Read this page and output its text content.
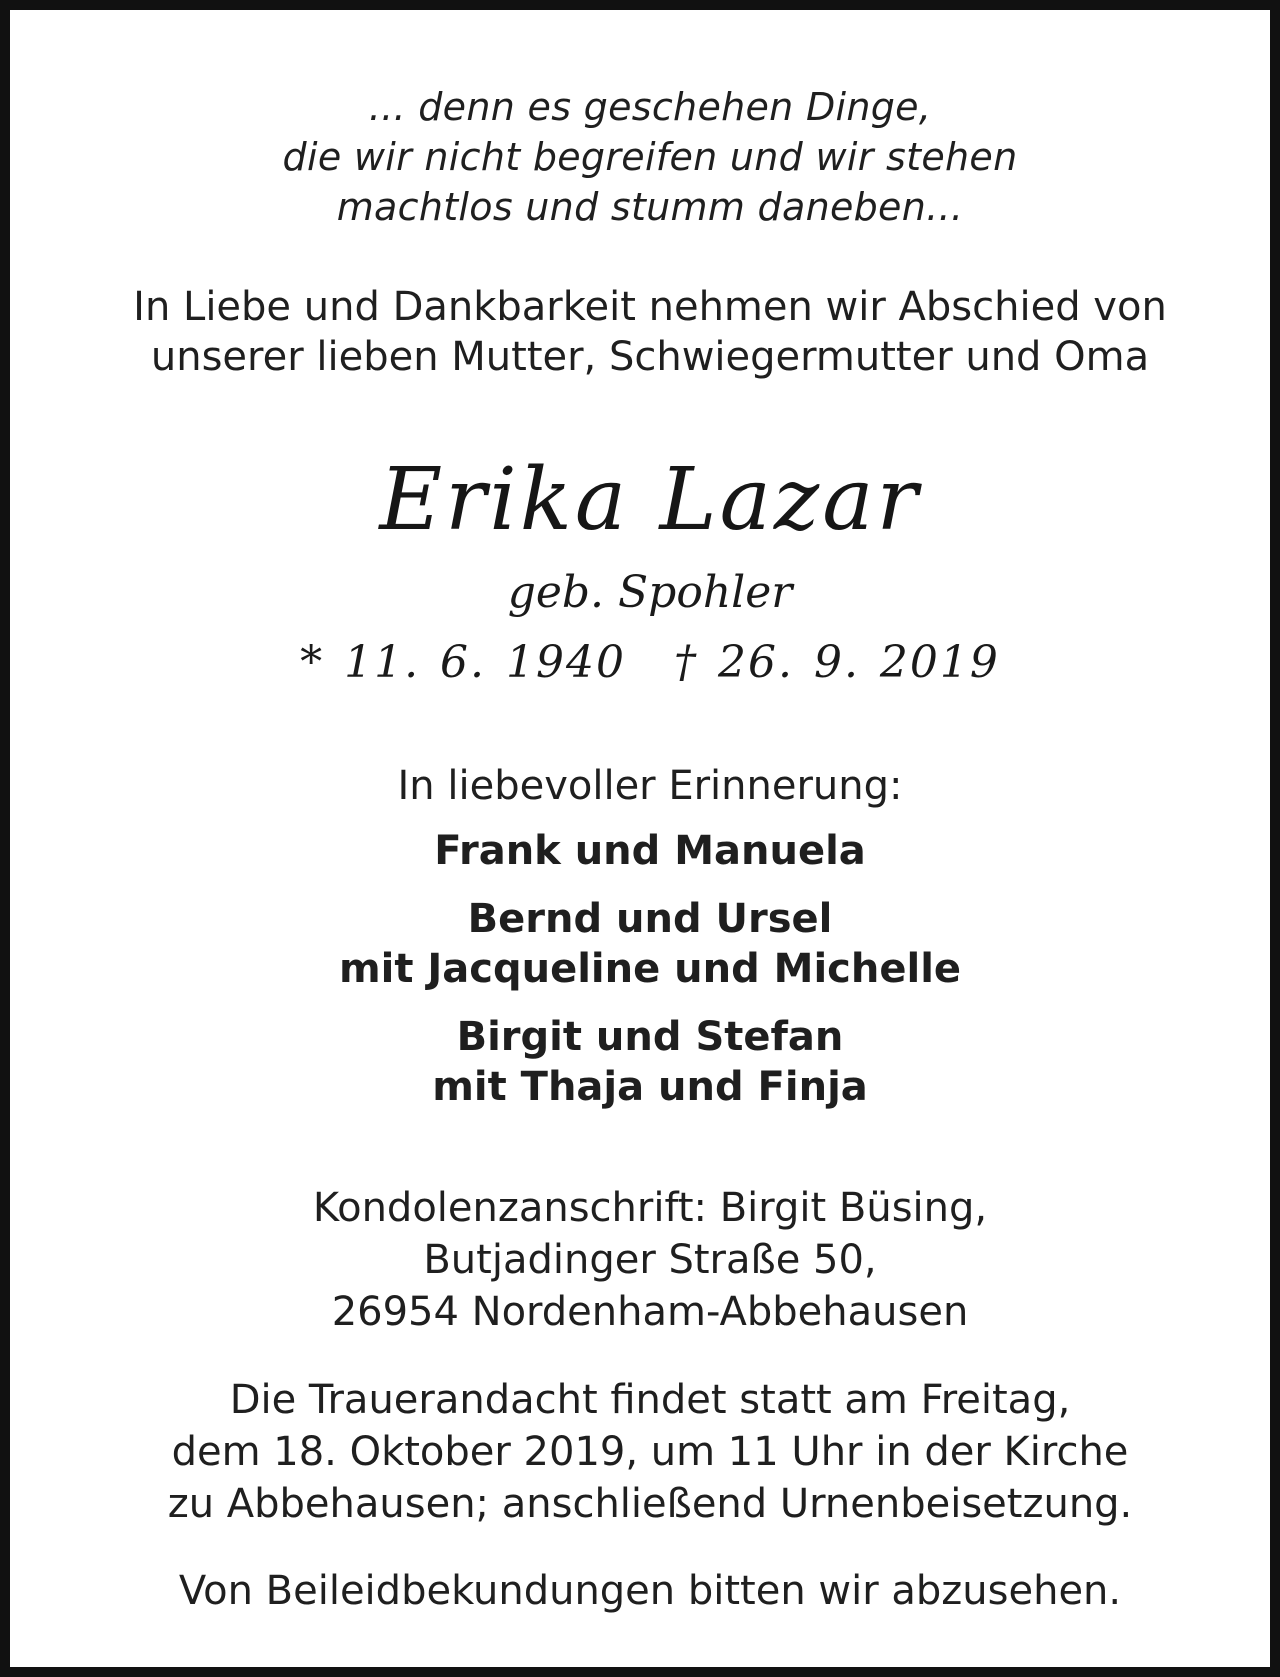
... denn es geschehen Dinge,
die wir nicht begreifen und wir stehen
machtlos und stumm daneben...
In Liebe und Dankbarkeit nehmen wir Abschied von
unserer lieben Mutter, Schwiegermutter und Oma
Erika Lazar
geb. Spohler
* 11. 6. 1940 † 26. 9. 2019
In liebevoller Erinnerung:
Frank und Manuela
Bernd und Ursel
mit Jacqueline und Michelle
Birgit und Stefan
mit Thaja und Finja
Kondolenzanschrift: Birgit Büsing,
Butjadinger Straße 50,
26954 Nordenham-Abbehausen
Die Trauerandacht findet statt am Freitag,
dem 18. Oktober 2019, um 11 Uhr in der Kirche
zu Abbehausen; anschließend Urnenbeisetzung.
Von Beileidbekundungen bitten wir abzusehen.
